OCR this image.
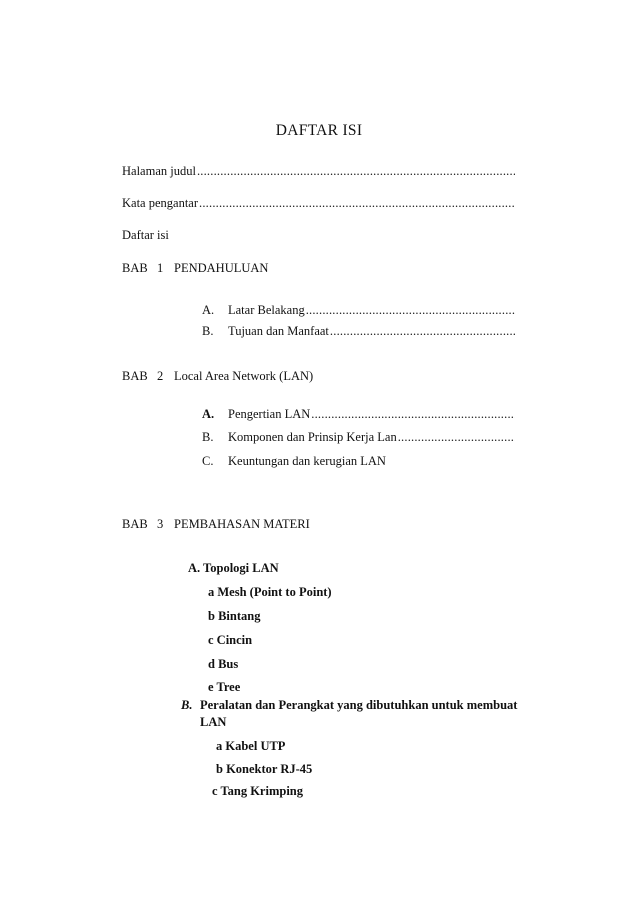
DAFTAR ISI
Halaman judul
.....
Kata pengantar
.....
Daftar isi
BAB 1 PENDAHULUAN
A. Latar Belakang
.....
B. Tujuan dan Manfaat
.....
BAB 2 Local Area Network (LAN)
A. Pengertian LAN
.....
B. Komponen dan Prinsip Kerja Lan
.....
C. Keuntungan dan kerugian LAN
BAB 3 PEMBAHASAN MATERI
A. Topologi LAN
a Mesh (Point to Point)
b Bintang
c Cincin
d Bus
e Tree
B. Peralatan dan Perangkat yang dibutuhkan untuk membuat
LAN
a Kabel UTP
b Konektor RJ-45
c Tang Krimping
